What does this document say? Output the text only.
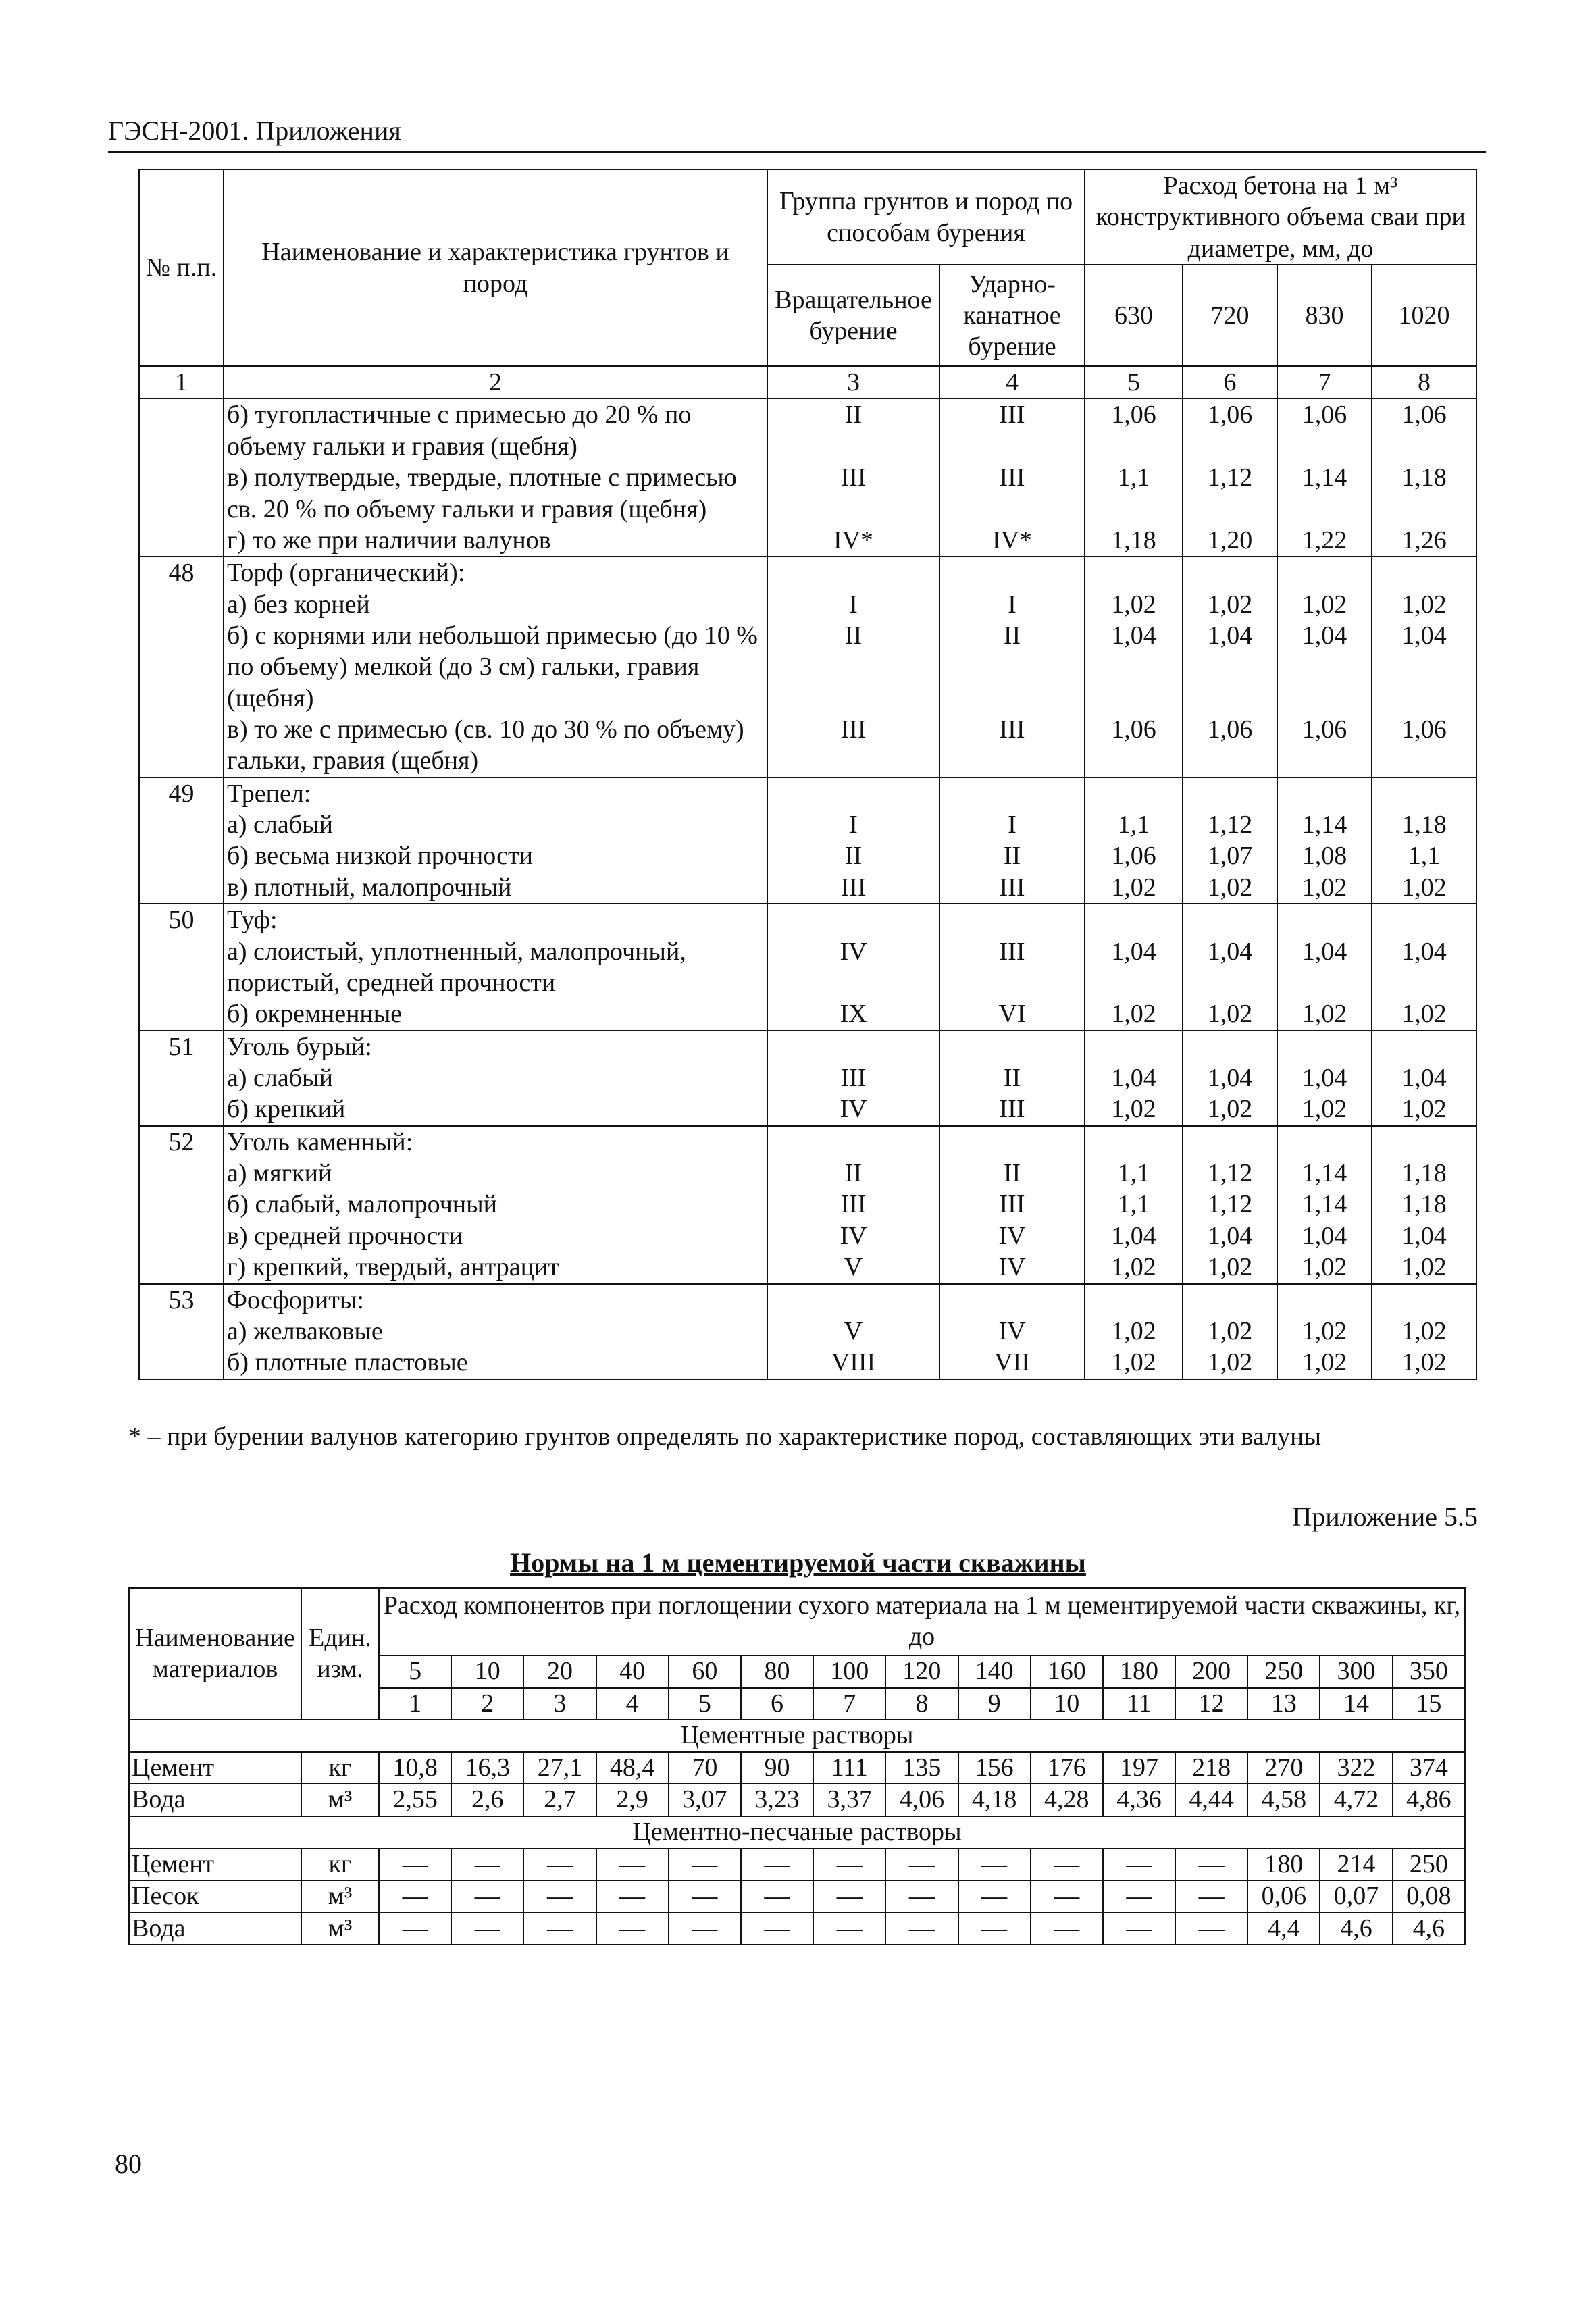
ГЭСН-2001. Приложения
№ п.п.	Наименование и характеристика грунтов и пород	Группа грунтов и пород по способам бурения		Расход бетона на 1 м³ конструктивного объема сваи при диаметре, мм, до			
		Вращательное бурение	Ударно-канатное бурение	630	720	830	1020
1	2	3	4	5	6	7	8
	б) тугопластичные с примесью до 20 % по объему гальки и гравия (щебня)	II	III	1,06	1,06	1,06	1,06
	в) полутвердые, твердые, плотные с примесью св. 20 % по объему гальки и гравия (щебня)	III	III	1,1	1,12	1,14	1,18
	г) то же при наличии валунов	IV*	IV*	1,18	1,20	1,22	1,26
48	Торф (органический):						
	а) без корней	I	I	1,02	1,02	1,02	1,02
	б) с корнями или небольшой примесью (до 10 % по объему) мелкой (до 3 см) гальки, гравия (щебня)	II	II	1,04	1,04	1,04	1,04
	в) то же с примесью (св. 10 до 30 % по объему) гальки, гравия (щебня)	III	III	1,06	1,06	1,06	1,06
49	Трепел:						
	а) слабый	I	I	1,1	1,12	1,14	1,18
	б) весьма низкой прочности	II	II	1,06	1,07	1,08	1,1
	в) плотный, малопрочный	III	III	1,02	1,02	1,02	1,02
50	Туф:						
	а) слоистый, уплотненный, малопрочный, пористый, средней прочности	IV	III	1,04	1,04	1,04	1,04
	б) окремненные	IX	VI	1,02	1,02	1,02	1,02
51	Уголь бурый:						
	а) слабый	III	II	1,04	1,04	1,04	1,04
	б) крепкий	IV	III	1,02	1,02	1,02	1,02
52	Уголь каменный:						
	а) мягкий	II	II	1,1	1,12	1,14	1,18
	б) слабый, малопрочный	III	III	1,1	1,12	1,14	1,18
	в) средней прочности	IV	IV	1,04	1,04	1,04	1,04
	г) крепкий, твердый, антрацит	V	IV	1,02	1,02	1,02	1,02
53	Фосфориты:						
	а) желваковые	V	IV	1,02	1,02	1,02	1,02
	б) плотные пластовые	VIII	VII	1,02	1,02	1,02	1,02
* – при бурении валунов категорию грунтов определять по характеристике пород, составляющих эти валуны
Приложение 5.5
Нормы на 1 м цементируемой части скважины
Наименование материалов	Един. изм.	Расход компонентов при поглощении сухого материала на 1 м цементируемой части скважины, кг, до														
		5	10	20	40	60	80	100	120	140	160	180	200	250	300	350
		1	2	3	4	5	6	7	8	9	10	11	12	13	14	15
Цементные растворы																
Цемент	кг	10,8	16,3	27,1	48,4	70	90	111	135	156	176	197	218	270	322	374
Вода	м³	2,55	2,6	2,7	2,9	3,07	3,23	3,37	4,06	4,18	4,28	4,36	4,44	4,58	4,72	4,86
Цементно-песчаные растворы																
Цемент	кг	—	—	—	—	—	—	—	—	—	—	—	—	180	214	250
Песок	м³	—	—	—	—	—	—	—	—	—	—	—	—	0,06	0,07	0,08
Вода	м³	—	—	—	—	—	—	—	—	—	—	—	—	4,4	4,6	4,6
80
